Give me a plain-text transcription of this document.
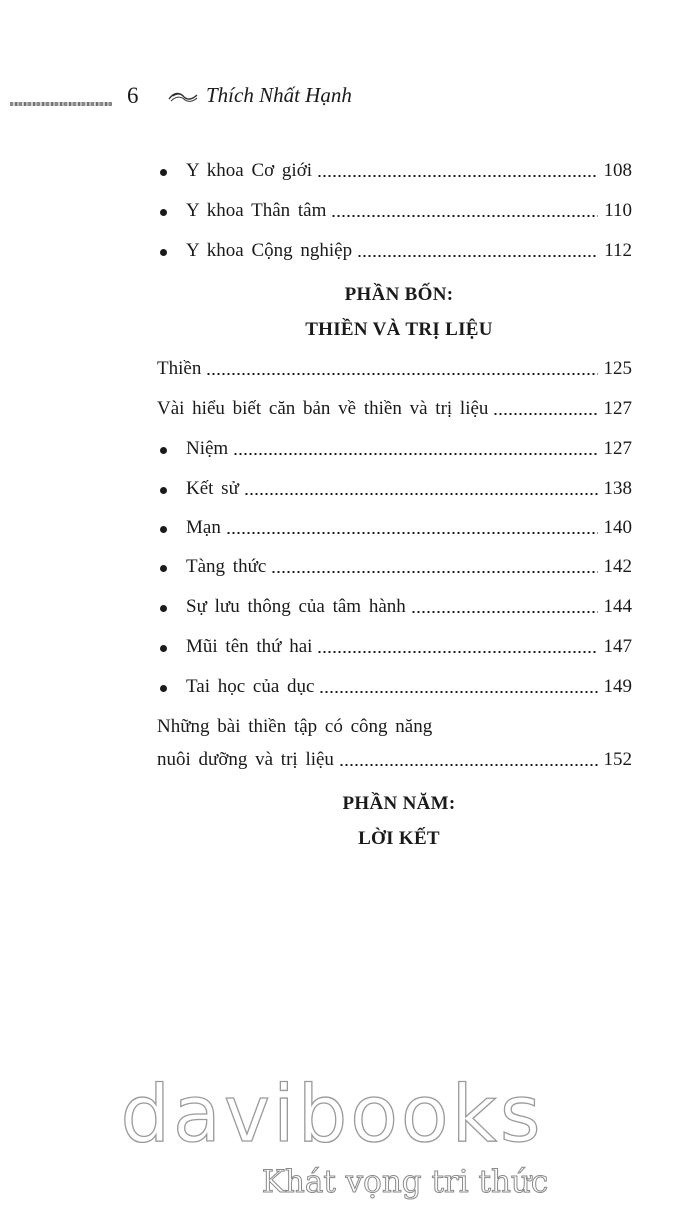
6	Thích Nhất Hạnh
Y khoa Cơ giới	108
Y khoa Thân tâm	110
Y khoa Cộng nghiệp	112
PHẦN BỐN:
THIỀN VÀ TRỊ LIỆU
Thiền	125
Vài hiểu biết căn bản về thiền và trị liệu	127
Niệm	127
Kết sử	138
Mạn	140
Tàng thức	142
Sự lưu thông của tâm hành	144
Mũi tên thứ hai	147
Tai học của dục	149
Những bài thiền tập có công năng
nuôi dưỡng và trị liệu	152
PHẦN NĂM:
LỜI KẾT
davibooks
Khát vọng tri thức
